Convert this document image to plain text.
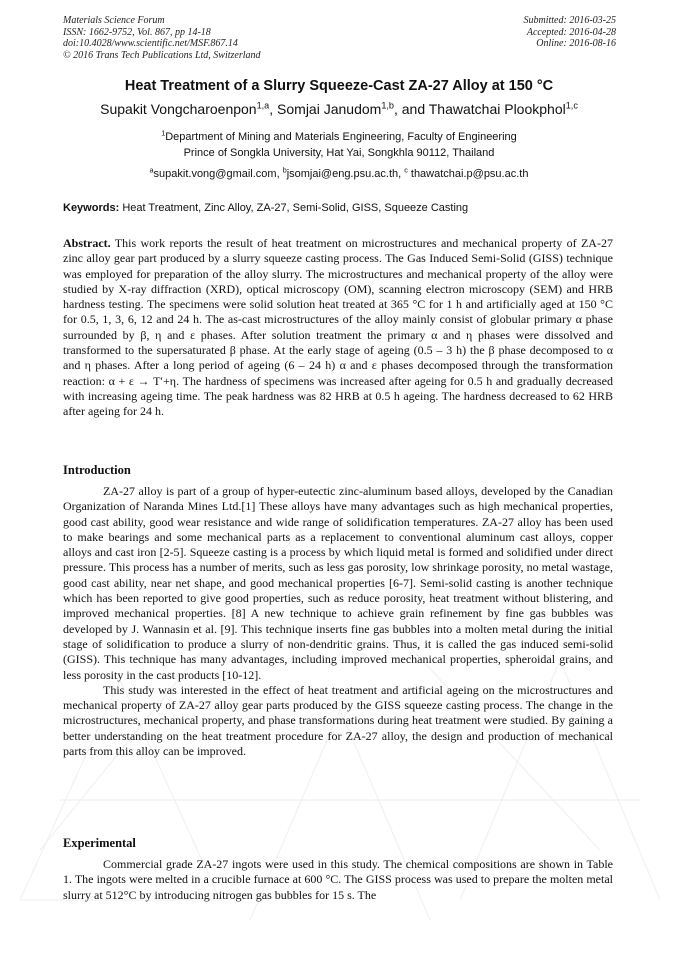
Materials Science Forum
ISSN: 1662-9752, Vol. 867, pp 14-18
doi:10.4028/www.scientific.net/MSF.867.14
© 2016 Trans Tech Publications Ltd, Switzerland
Submitted: 2016-03-25
Accepted: 2016-04-28
Online: 2016-08-16
Heat Treatment of a Slurry Squeeze-Cast ZA-27 Alloy at 150 °C
Supakit Vongcharoenpon$^{1,a}$, Somjai Janudom$^{1,b}$, and Thawatchai Plookphol$^{1,c}$
$^1$Department of Mining and Materials Engineering, Faculty of Engineering
Prince of Songkla University, Hat Yai, Songkhla 90112, Thailand
$^a$supakit.vong@gmail.com, $^b$jsomjai@eng.psu.ac.th, $^c$ thawatchai.p@psu.ac.th
Keywords: Heat Treatment, Zinc Alloy, ZA-27, Semi-Solid, GISS, Squeeze Casting
Abstract. This work reports the result of heat treatment on microstructures and mechanical property of ZA-27 zinc alloy gear part produced by a slurry squeeze casting process. The Gas Induced Semi-Solid (GISS) technique was employed for preparation of the alloy slurry. The microstructures and mechanical property of the alloy were studied by X-ray diffraction (XRD), optical microscopy (OM), scanning electron microscopy (SEM) and HRB hardness testing. The specimens were solid solution heat treated at 365 °C for 1 h and artificially aged at 150 °C for 0.5, 1, 3, 6, 12 and 24 h. The as-cast microstructures of the alloy mainly consist of globular primary α phase surrounded by β, η and ε phases. After solution treatment the primary α and η phases were dissolved and transformed to the supersaturated β phase. At the early stage of ageing (0.5 – 3 h) the β phase decomposed to α and η phases. After a long period of ageing (6 – 24 h) α and ε phases decomposed through the transformation reaction: α + ε → T′+η. The hardness of specimens was increased after ageing for 0.5 h and gradually decreased with increasing ageing time. The peak hardness was 82 HRB at 0.5 h ageing. The hardness decreased to 62 HRB after ageing for 24 h.
Introduction

ZA-27 alloy is part of a group of hyper-eutectic zinc-aluminum based alloys, developed by the Canadian Organization of Naranda Mines Ltd.[1] These alloys have many advantages such as high mechanical properties, good cast ability, good wear resistance and wide range of solidification temperatures. ZA-27 alloy has been used to make bearings and some mechanical parts as a replacement to conventional aluminum cast alloys, copper alloys and cast iron [2-5]. Squeeze casting is a process by which liquid metal is formed and solidified under direct pressure. This process has a number of merits, such as less gas porosity, low shrinkage porosity, no metal wastage, good cast ability, near net shape, and good mechanical properties [6-7]. Semi-solid casting is another technique which has been reported to give good properties, such as reduce porosity, heat treatment without blistering, and improved mechanical properties. [8] A new technique to achieve grain refinement by fine gas bubbles was developed by J. Wannasin et al. [9]. This technique inserts fine gas bubbles into a molten metal during the initial stage of solidification to produce a slurry of non-dendritic grains. Thus, it is called the gas induced semi-solid (GISS). This technique has many advantages, including improved mechanical properties, spheroidal grains, and less porosity in the cast products [10-12].

This study was interested in the effect of heat treatment and artificial ageing on the microstructures and mechanical property of ZA-27 alloy gear parts produced by the GISS squeeze casting process. The change in the microstructures, mechanical property, and phase transformations during heat treatment were studied. By gaining a better understanding on the heat treatment procedure for ZA-27 alloy, the design and production of mechanical parts from this alloy can be improved.

Experimental

Commercial grade ZA-27 ingots were used in this study. The chemical compositions are shown in Table 1. The ingots were melted in a crucible furnace at 600 °C. The GISS process was used to prepare the molten metal slurry at 512°C by introducing nitrogen gas bubbles for 15 s. The
